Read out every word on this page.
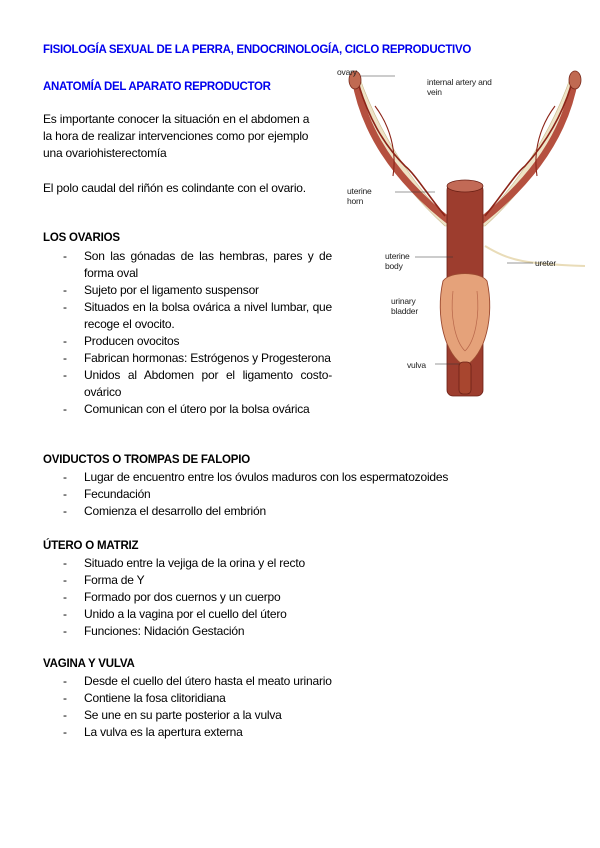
FISIOLOGÍA SEXUAL DE LA PERRA, ENDOCRINOLOGÍA, CICLO REPRODUCTIVO
ANATOMÍA DEL APARATO REPRODUCTOR

Es importante conocer la situación en el abdomen a la hora de realizar intervenciones como por ejemplo una ovariohisterectomía

El polo caudal del riñón es colindante con el ovario.

LOS OVARIOS
- Son las gónadas de las hembras, pares y de forma oval
- Sujeto por el ligamento suspensor
- Situados en la bolsa ovárica a nivel lumbar, que recoge el ovocito.
- Producen ovocitos
- Fabrican hormonas: Estrógenos y Progesterona
- Unidos al Abdomen por el ligamento costo-ovárico
- Comunican con el útero por la bolsa ovárica
OVIDUCTOS O TROMPAS DE FALOPIO
- Lugar de encuentro entre los óvulos maduros con los espermatozoides
- Fecundación
- Comienza el desarrollo del embrión
ÚTERO O MATRIZ
- Situado entre la vejiga de la orina y el recto
- Forma de Y
- Formado por dos cuernos y un cuerpo
- Unido a la vagina por el cuello del útero
- Funciones: Nidación Gestación
VAGINA Y VULVA
- Desde el cuello del útero hasta el meato urinario
- Contiene la fosa clitoridiana
- Se une en su parte posterior a la vulva
- La vulva es la apertura externa
ovary
internal artery and vein
uterine horn
uterine body	ureter
urinary bladder
vulva
